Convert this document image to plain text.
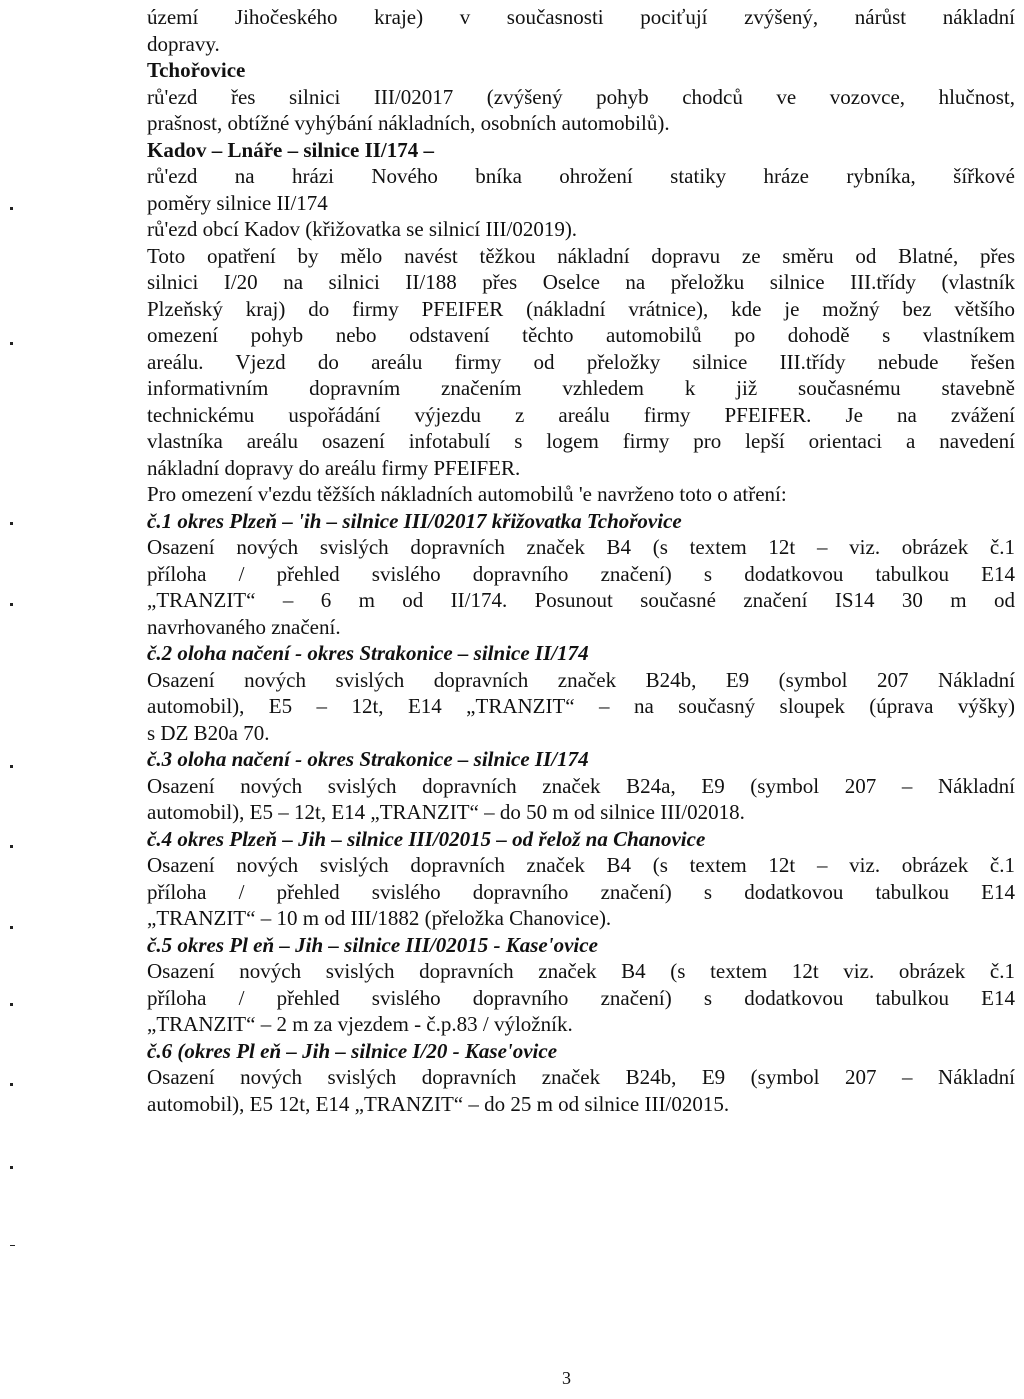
území Jihočeského kraje) v současnosti pociťují zvýšený, nárůst nákladní
dopravy.
Tchořovice
rů'ezd řes silnici III/02017 (zvýšený pohyb chodců ve vozovce, hlučnost,
prašnost, obtížné vyhýbání nákladních, osobních automobilů).
Kadov – Lnáře – silnice II/174 –
rů'ezd na hrázi Nového bníka ohrožení statiky hráze rybníka, šířkové
poměry silnice II/174
rů'ezd obcí Kadov (křižovatka se silnicí III/02019).
Toto opatření by mělo navést těžkou nákladní dopravu ze směru od Blatné, přes
silnici I/20 na silnici II/188 přes Oselce na přeložku silnice III.třídy (vlastník
Plzeňský kraj) do firmy PFEIFER (nákladní vrátnice), kde je možný bez většího
omezení pohyb nebo odstavení těchto automobilů po dohodě s vlastníkem
areálu. Vjezd do areálu firmy od přeložky silnice III.třídy nebude řešen
informativním dopravním značením vzhledem k již současnému stavebně
technickému uspořádání výjezdu z areálu firmy PFEIFER. Je na zvážení
vlastníka areálu osazení infotabulí s logem firmy pro lepší orientaci a navedení
nákladní dopravy do areálu firmy PFEIFER.
Pro omezení v'ezdu těžších nákladních automobilů 'e navrženo toto o atření:
č.1 okres Plzeň – 'ih – silnice III/02017 křižovatka Tchořovice
Osazení nových svislých dopravních značek B4 (s textem 12t – viz. obrázek č.1
příloha / přehled svislého dopravního značení) s dodatkovou tabulkou E14
„TRANZIT“ – 6 m od II/174. Posunout současné značení IS14 30 m od
navrhovaného značení.
č.2 oloha načení - okres Strakonice – silnice II/174
Osazení nových svislých dopravních značek B24b, E9 (symbol 207 Nákladní
automobil), E5 – 12t, E14 „TRANZIT“ – na současný sloupek (úprava výšky)
s DZ B20a 70.
č.3 oloha načení - okres Strakonice – silnice II/174
Osazení nových svislých dopravních značek B24a, E9 (symbol 207 – Nákladní
automobil), E5 – 12t, E14 „TRANZIT“ – do 50 m od silnice III/02018.
č.4 okres Plzeň – Jih – silnice III/02015 – od řelož na Chanovice
Osazení nových svislých dopravních značek B4 (s textem 12t – viz. obrázek č.1
příloha / přehled svislého dopravního značení) s dodatkovou tabulkou E14
„TRANZIT“ – 10 m od III/1882 (přeložka Chanovice).
č.5 okres Pl eň – Jih – silnice III/02015 - Kase'ovice
Osazení nových svislých dopravních značek B4 (s textem 12t viz. obrázek č.1
příloha / přehled svislého dopravního značení) s dodatkovou tabulkou E14
„TRANZIT“ – 2 m za vjezdem - č.p.83 / výložník.
č.6 (okres Pl eň – Jih – silnice I/20 - Kase'ovice
Osazení nových svislých dopravních značek B24b, E9 (symbol 207 – Nákladní
automobil), E5 12t, E14 „TRANZIT“ – do 25 m od silnice III/02015.
3
